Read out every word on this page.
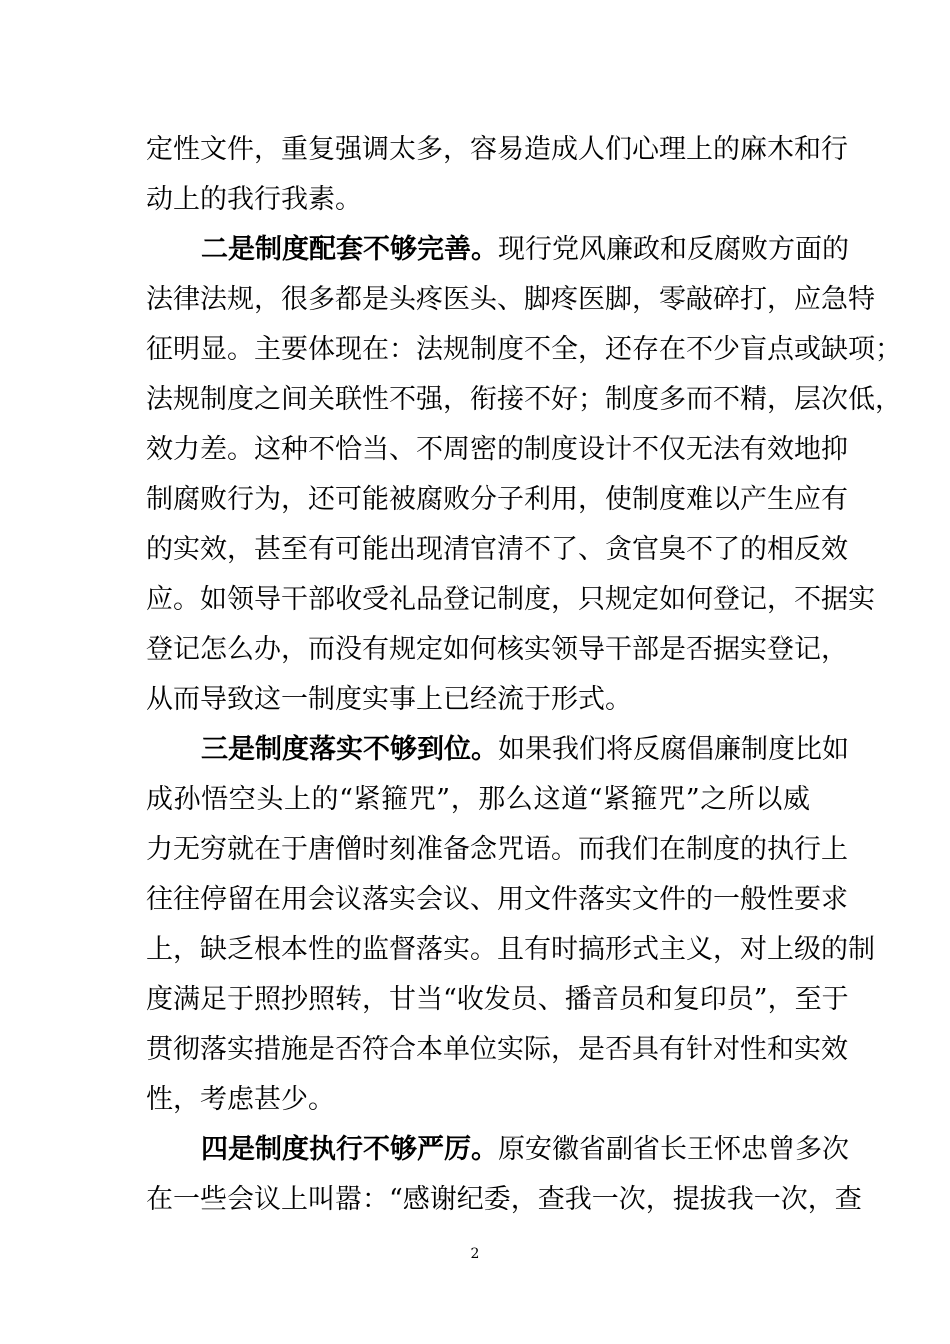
定性文件，重复强调太多，容易造成人们心理上的麻木和行
动上的我行我素。
二是制度配套不够完善。现行党风廉政和反腐败方面的
法律法规，很多都是头疼医头、脚疼医脚，零敲碎打，应急特
征明显。主要体现在：法规制度不全，还存在不少盲点或缺项；
法规制度之间关联性不强，衔接不好；制度多而不精，层次低，
效力差。这种不恰当、不周密的制度设计不仅无法有效地抑
制腐败行为，还可能被腐败分子利用，使制度难以产生应有
的实效，甚至有可能出现清官清不了、贪官臭不了的相反效
应。如领导干部收受礼品登记制度，只规定如何登记，不据实
登记怎么办，而没有规定如何核实领导干部是否据实登记，
从而导致这一制度实事上已经流于形式。
三是制度落实不够到位。如果我们将反腐倡廉制度比如
成孙悟空头上的“紧箍咒”，那么这道“紧箍咒”之所以威
力无穷就在于唐僧时刻准备念咒语。而我们在制度的执行上
往往停留在用会议落实会议、用文件落实文件的一般性要求
上，缺乏根本性的监督落实。且有时搞形式主义，对上级的制
度满足于照抄照转，甘当“收发员、播音员和复印员”，至于
贯彻落实措施是否符合本单位实际，是否具有针对性和实效
性，考虑甚少。
四是制度执行不够严厉。原安徽省副省长王怀忠曾多次
在一些会议上叫嚣：“感谢纪委，查我一次，提拔我一次，查
2
